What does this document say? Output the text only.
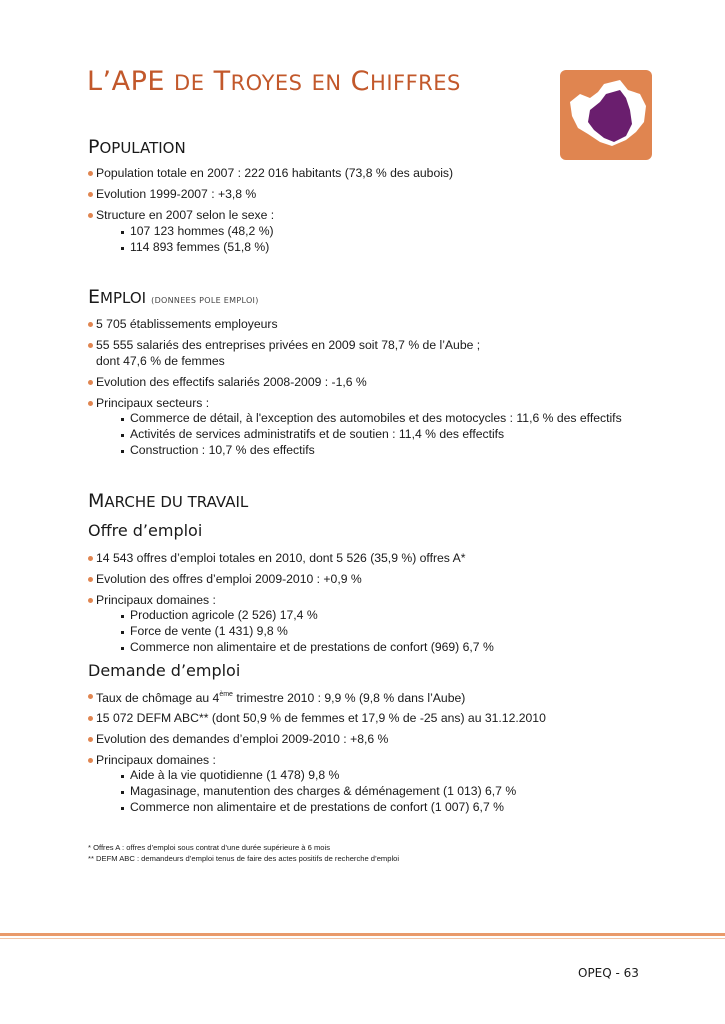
L’APE DE TROYES EN CHIFFRES
POPULATION
Population totale en 2007 : 222 016 habitants (73,8 % des aubois)
Evolution 1999-2007 : +3,8 %
Structure en 2007 selon le sexe :
107 123 hommes (48,2 %)
114 893 femmes (51,8 %)
EMPLOI (DONNEES POLE EMPLOI)
5 705 établissements employeurs
55 555 salariés des entreprises privées en 2009 soit 78,7 % de l’Aube ;
dont 47,6 % de femmes
Evolution des effectifs salariés 2008-2009 : -1,6 %
Principaux secteurs :
Commerce de détail, à l'exception des automobiles et des motocycles : 11,6 % des effectifs
Activités de services administratifs et de soutien : 11,4 % des effectifs
Construction : 10,7 % des effectifs
MARCHE DU TRAVAIL
Offre d’emploi
14 543 offres d’emploi totales en 2010, dont 5 526 (35,9 %) offres A*
Evolution des offres d’emploi 2009-2010 : +0,9 %
Principaux domaines :
Production agricole (2 526) 17,4 %
Force de vente (1 431) 9,8 %
Commerce non alimentaire et de prestations de confort (969) 6,7 %
Demande d’emploi
Taux de chômage au 4ème trimestre 2010 : 9,9 % (9,8 % dans l’Aube)
15 072 DEFM ABC** (dont 50,9 % de femmes et 17,9 % de -25 ans) au 31.12.2010
Evolution des demandes d’emploi 2009-2010 : +8,6 %
Principaux domaines :
Aide à la vie quotidienne (1 478) 9,8 %
Magasinage, manutention des charges & déménagement (1 013) 6,7 %
Commerce non alimentaire et de prestations de confort (1 007) 6,7 %
* Offres A : offres d’emploi sous contrat d’une durée supérieure à 6 mois
** DEFM ABC : demandeurs d’emploi tenus de faire des actes positifs de recherche d’emploi
OPEQ - 63
